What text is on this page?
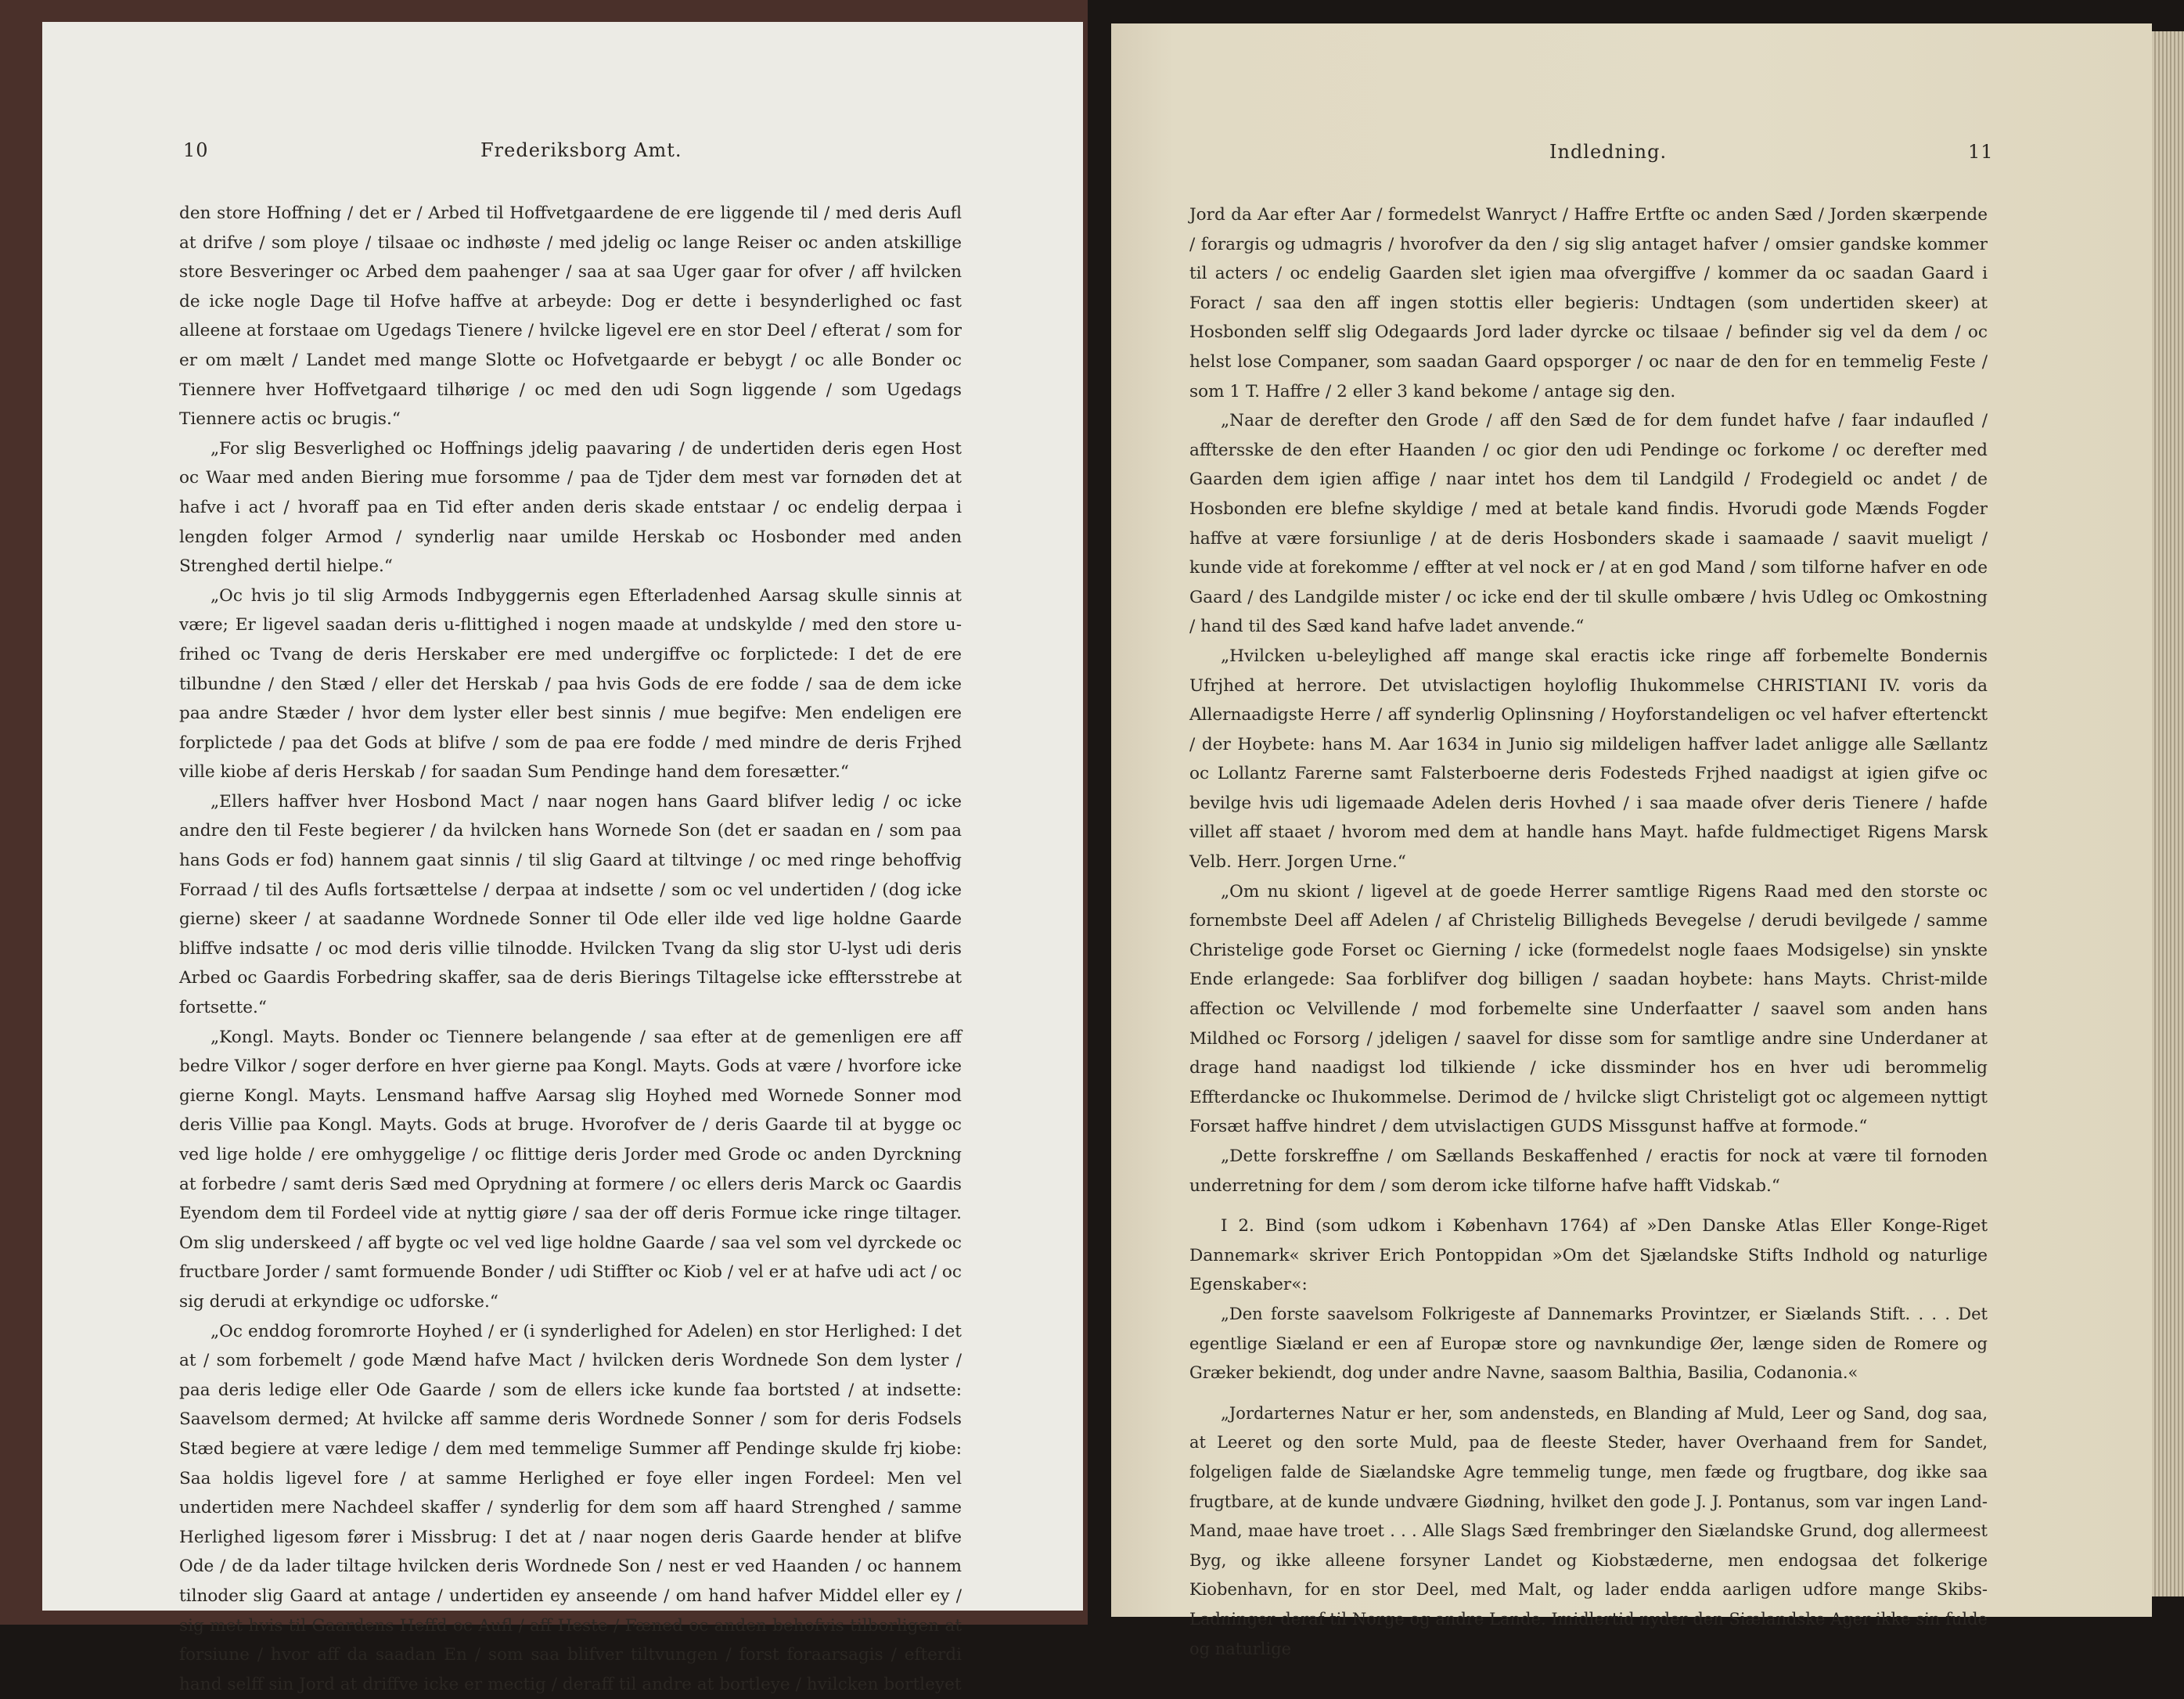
10	Frederiksborg Amt.

den store Hoffning / det er / Arbed til Hoffvetgaardene de ere liggende til / med deris Aufl at drifve / som ploye / tilsaae oc indhøste / med jdelig oc lange Reiser oc anden atskillige store Besveringer oc Arbed dem paahenger / saa at saa Uger gaar for ofver / aff hvilcken de icke nogle Dage til Hofve haffve at arbeyde: Dog er dette i besynderlighed oc fast alleene at forstaae om Ugedags Tienere / hvilcke ligevel ere en stor Deel / efterat / som for er om mælt / Landet med mange Slotte oc Hofvetgaarde er bebygt / oc alle Bonder oc Tiennere hver Hoffvetgaard tilhørige / oc med den udi Sogn liggende / som Ugedags Tiennere actis oc brugis.“

„For slig Besverlighed oc Hoffnings jdelig paavaring / de undertiden deris egen Host oc Waar med anden Biering mue forsomme / paa de Tjder dem mest var fornøden det at hafve i act / hvoraff paa en Tid efter anden deris skade entstaar / oc endelig derpaa i lengden folger Armod / synderlig naar umilde Herskab oc Hosbonder med anden Strenghed dertil hielpe.“

„Oc hvis jo til slig Armods Indbyggernis egen Efterladenhed Aarsag skulle sinnis at være; Er ligevel saadan deris u-flittighed i nogen maade at undskylde / med den store u-frihed oc Tvang de deris Herskaber ere med undergiffve oc forplictede: I det de ere tilbundne / den Stæd / eller det Herskab / paa hvis Gods de ere fodde / saa de dem icke paa andre Stæder / hvor dem lyster eller best sinnis / mue begifve: Men endeligen ere forplictede / paa det Gods at blifve / som de paa ere fodde / med mindre de deris Frjhed ville kiobe af deris Herskab / for saadan Sum Pendinge hand dem foresætter.“

„Ellers haffver hver Hosbond Mact / naar nogen hans Gaard blifver ledig / oc icke andre den til Feste begierer / da hvilcken hans Wornede Son (det er saadan en / som paa hans Gods er fod) hannem gaat sinnis / til slig Gaard at tiltvinge / oc med ringe behoffvig Forraad / til des Aufls fortsættelse / derpaa at indsette / som oc vel undertiden / (dog icke gierne) skeer / at saadanne Wordnede Sonner til Ode eller ilde ved lige holdne Gaarde bliffve indsatte / oc mod deris villie tilnodde. Hvilcken Tvang da slig stor U-lyst udi deris Arbed oc Gaardis Forbedring skaffer, saa de deris Bierings Tiltagelse icke efftersstrebe at fortsette.“

„Kongl. Mayts. Bonder oc Tiennere belangende / saa efter at de gemenligen ere aff bedre Vilkor / soger derfore en hver gierne paa Kongl. Mayts. Gods at være / hvorfore icke gierne Kongl. Mayts. Lensmand haffve Aarsag slig Hoyhed med Wornede Sonner mod deris Villie paa Kongl. Mayts. Gods at bruge. Hvorofver de / deris Gaarde til at bygge oc ved lige holde / ere omhyggelige / oc flittige deris Jorder med Grode oc anden Dyrckning at forbedre / samt deris Sæd med Oprydning at formere / oc ellers deris Marck oc Gaardis Eyendom dem til Fordeel vide at nyttig giøre / saa der off deris Formue icke ringe tiltager. Om slig underskeed / aff bygte oc vel ved lige holdne Gaarde / saa vel som vel dyrckede oc fructbare Jorder / samt formuende Bonder / udi Stiffter oc Kiob / vel er at hafve udi act / oc sig derudi at erkyndige oc udforske.“

„Oc enddog foromrorte Hoyhed / er (i synderlighed for Adelen) en stor Herlighed: I det at / som forbemelt / gode Mænd hafve Mact / hvilcken deris Wordnede Son dem lyster / paa deris ledige eller Ode Gaarde / som de ellers icke kunde faa bortsted / at indsette: Saavelsom dermed; At hvilcke aff samme deris Wordnede Sonner / som for deris Fodsels Stæd begiere at være ledige / dem med temmelige Summer aff Pendinge skulde frj kiobe: Saa holdis ligevel fore / at samme Herlighed er foye eller ingen Fordeel: Men vel undertiden mere Nachdeel skaffer / synderlig for dem som aff haard Strenghed / samme Herlighed ligesom fører i Missbrug: I det at / naar nogen deris Gaarde hender at blifve Ode / de da lader tiltage hvilcken deris Wordnede Son / nest er ved Haanden / oc hannem tilnoder slig Gaard at antage / undertiden ey anseende / om hand hafver Middel eller ey / sig met hvis til Gaardens Heffd oc Aufl / aff Heste / Fæned oc anden behofvis tilborligen at forsiune / hvor aff da saadan En / som saa blifver tiltvungen / forst foraarsagis / efterdi hand selff sin Jord at driffve icke er mectig / deraff til andre at bortleye / hvilcken bortleyet

Indledning.	11

Jord da Aar efter Aar / formedelst Wanryct / Haffre Ertfte oc anden Sæd / Jorden skærpende / forargis og udmagris / hvorofver da den / sig slig antaget hafver / omsier gandske kommer til acters / oc endelig Gaarden slet igien maa ofvergiffve / kommer da oc saadan Gaard i Foract / saa den aff ingen stottis eller begieris: Undtagen (som undertiden skeer) at Hosbonden selff slig Odegaards Jord lader dyrcke oc tilsaae / befinder sig vel da dem / oc helst lose Companer, som saadan Gaard opsporger / oc naar de den for en temmelig Feste / som 1 T. Haffre / 2 eller 3 kand bekome / antage sig den.

„Naar de derefter den Grode / aff den Sæd de for dem fundet hafve / faar indaufled / afftersske de den efter Haanden / oc gior den udi Pendinge oc forkome / oc derefter med Gaarden dem igien affige / naar intet hos dem til Landgild / Frodegield oc andet / de Hosbonden ere blefne skyldige / med at betale kand findis. Hvorudi gode Mænds Fogder haffve at være forsiunlige / at de deris Hosbonders skade i saamaade / saavit mueligt / kunde vide at forekomme / effter at vel nock er / at en god Mand / som tilforne hafver en ode Gaard / des Landgilde mister / oc icke end der til skulle ombære / hvis Udleg oc Omkostning / hand til des Sæd kand hafve ladet anvende.“

„Hvilcken u-beleylighed aff mange skal eractis icke ringe aff forbemelte Bondernis Ufrjhed at herrore. Det utvislactigen hoyloflig Ihukommelse CHRISTIANI IV. voris da Allernaadigste Herre / aff synderlig Oplinsning / Hoyforstandeligen oc vel hafver eftertenckt / der Hoybete: hans M. Aar 1634 in Junio sig mildeligen haffver ladet anligge alle Sællantz oc Lollantz Farerne samt Falsterboerne deris Fodesteds Frjhed naadigst at igien gifve oc bevilge hvis udi ligemaade Adelen deris Hovhed / i saa maade ofver deris Tienere / hafde villet aff staaet / hvorom med dem at handle hans Mayt. hafde fuldmectiget Rigens Marsk Velb. Herr. Jorgen Urne.“

„Om nu skiont / ligevel at de goede Herrer samtlige Rigens Raad med den storste oc fornembste Deel aff Adelen / af Christelig Billigheds Bevegelse / derudi bevilgede / samme Christelige gode Forset oc Gierning / icke (formedelst nogle faaes Modsigelse) sin ynskte Ende erlangede: Saa forblifver dog billigen / saadan hoybete: hans Mayts. Christ-milde affection oc Velvillende / mod forbemelte sine Underfaatter / saavel som anden hans Mildhed oc Forsorg / jdeligen / saavel for disse som for samtlige andre sine Underdaner at drage hand naadigst lod tilkiende / icke dissminder hos en hver udi berommelig Effterdancke oc Ihukommelse. Derimod de / hvilcke sligt Christeligt got oc algemeen nyttigt Forsæt haffve hindret / dem utvislactigen GUDS Missgunst haffve at formode.“

„Dette forskreffne / om Sællands Beskaffenhed / eractis for nock at være til fornoden underretning for dem / som derom icke tilforne hafve hafft Vidskab.“

I 2. Bind (som udkom i København 1764) af »Den Danske Atlas Eller Konge-Riget Dannemark« skriver Erich Pontoppidan »Om det Sjælandske Stifts Indhold og naturlige Egenskaber«:

„Den forste saavelsom Folkrigeste af Dannemarks Provintzer, er Siælands Stift. . . . Det egentlige Siæland er een af Europæ store og navnkundige Øer, længe siden de Romere og Græker bekiendt, dog under andre Navne, saasom Balthia, Basilia, Codanonia.«

„Jordarternes Natur er her, som andensteds, en Blanding af Muld, Leer og Sand, dog saa, at Leeret og den sorte Muld, paa de fleeste Steder, haver Overhaand frem for Sandet, folgeligen falde de Siælandske Agre temmelig tunge, men fæde og frugtbare, dog ikke saa frugtbare, at de kunde undvære Giødning, hvilket den gode J. J. Pontanus, som var ingen Land-Mand, maae have troet . . . Alle Slags Sæd frembringer den Siælandske Grund, dog allermeest Byg, og ikke alleene forsyner Landet og Kiobstæderne, men endogsaa det folkerige Kiobenhavn, for en stor Deel, med Malt, og lader endda aarligen udfore mange Skibs-Ladninger deraf til Norge og andre Lande. Imidlertid nyder den Siælandske Ager ikke sin fulde og naturlige
